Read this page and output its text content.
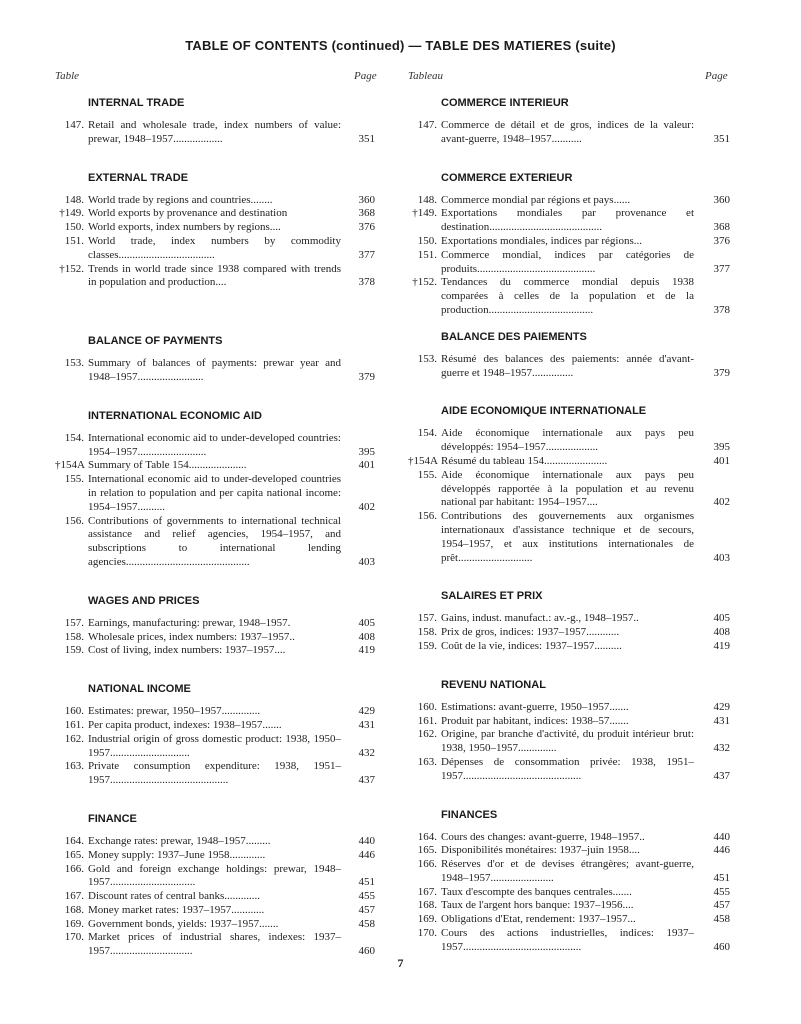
TABLE OF CONTENTS (continued) — TABLE DES MATIERES (suite)
Table	Page	Tableau	Page
INTERNAL TRADE
147. Retail and wholesale trade, index numbers of value: prewar, 1948–1957..................	351
EXTERNAL TRADE
148. World trade by regions and countries........	360
†149. World exports by provenance and destination	368
150. World exports, index numbers by regions....	376
151. World trade, index numbers by commodity classes...................................	377
†152. Trends in world trade since 1938 compared with trends in population and production....	378
BALANCE OF PAYMENTS
153. Summary of balances of payments: prewar year and 1948–1957........................	379
INTERNATIONAL ECONOMIC AID
154. International economic aid to under-developed countries: 1954–1957.........................	395
†154A Summary of Table 154.....................	401
155. International economic aid to under-developed countries in relation to population and per capita national income: 1954–1957..........	402
156. Contributions of governments to international technical assistance and relief agencies, 1954–1957, and subscriptions to international lending agencies.............................................	403
WAGES AND PRICES
157. Earnings, manufacturing: prewar, 1948–1957.	405
158. Wholesale prices, index numbers: 1937–1957..	408
159. Cost of living, index numbers: 1937–1957....	419
NATIONAL INCOME
160. Estimates: prewar, 1950–1957..............	429
161. Per capita product, indexes: 1938–1957.......	431
162. Industrial origin of gross domestic product: 1938, 1950–1957.............................	432
163. Private consumption expenditure: 1938, 1951–1957...........................................	437
FINANCE
164. Exchange rates: prewar, 1948–1957.........	440
165. Money supply: 1937–June 1958.............	446
166. Gold and foreign exchange holdings: prewar, 1948–1957...............................	451
167. Discount rates of central banks.............	455
168. Money market rates: 1937–1957............	457
169. Government bonds, yields: 1937–1957.......	458
170. Market prices of industrial shares, indexes: 1937–1957..............................	460
COMMERCE INTERIEUR
147. Commerce de détail et de gros, indices de la valeur: avant-guerre, 1948–1957...........	351
COMMERCE EXTERIEUR
148. Commerce mondial par régions et pays......	360
†149. Exportations mondiales par provenance et destination.........................................	368
150. Exportations mondiales, indices par régions...	376
151. Commerce mondial, indices par catégories de produits...........................................	377
†152. Tendances du commerce mondial depuis 1938 comparées à celles de la population et de la production......................................	378
BALANCE DES PAIEMENTS
153. Résumé des balances des paiements: année d'avant-guerre et 1948–1957...............	379
AIDE ECONOMIQUE INTERNATIONALE
154. Aide économique internationale aux pays peu développés: 1954–1957...................	395
†154A Résumé du tableau 154.......................	401
155. Aide économique internationale aux pays peu développés rapportée à la population et au revenu national par habitant: 1954–1957....	402
156. Contributions des gouvernements aux organismes internationaux d'assistance technique et de secours, 1954–1957, et aux institutions internationales de prêt...........................	403
SALAIRES ET PRIX
157. Gains, indust. manufact.: av.-g., 1948–1957..	405
158. Prix de gros, indices: 1937–1957............	408
159. Coût de la vie, indices: 1937–1957..........	419
REVENU NATIONAL
160. Estimations: avant-guerre, 1950–1957.......	429
161. Produit par habitant, indices: 1938–57.......	431
162. Origine, par branche d'activité, du produit intérieur brut: 1938, 1950–1957..............	432
163. Dépenses de consommation privée: 1938, 1951–1957...........................................	437
FINANCES
164. Cours des changes: avant-guerre, 1948–1957..	440
165. Disponibilités monétaires: 1937–juin 1958....	446
166. Réserves d'or et de devises étrangères; avant-guerre, 1948–1957.......................	451
167. Taux d'escompte des banques centrales.......	455
168. Taux de l'argent hors banque: 1937–1956....	457
169. Obligations d'Etat, rendement: 1937–1957...	458
170. Cours des actions industrielles, indices: 1937–1957...........................................	460
7
